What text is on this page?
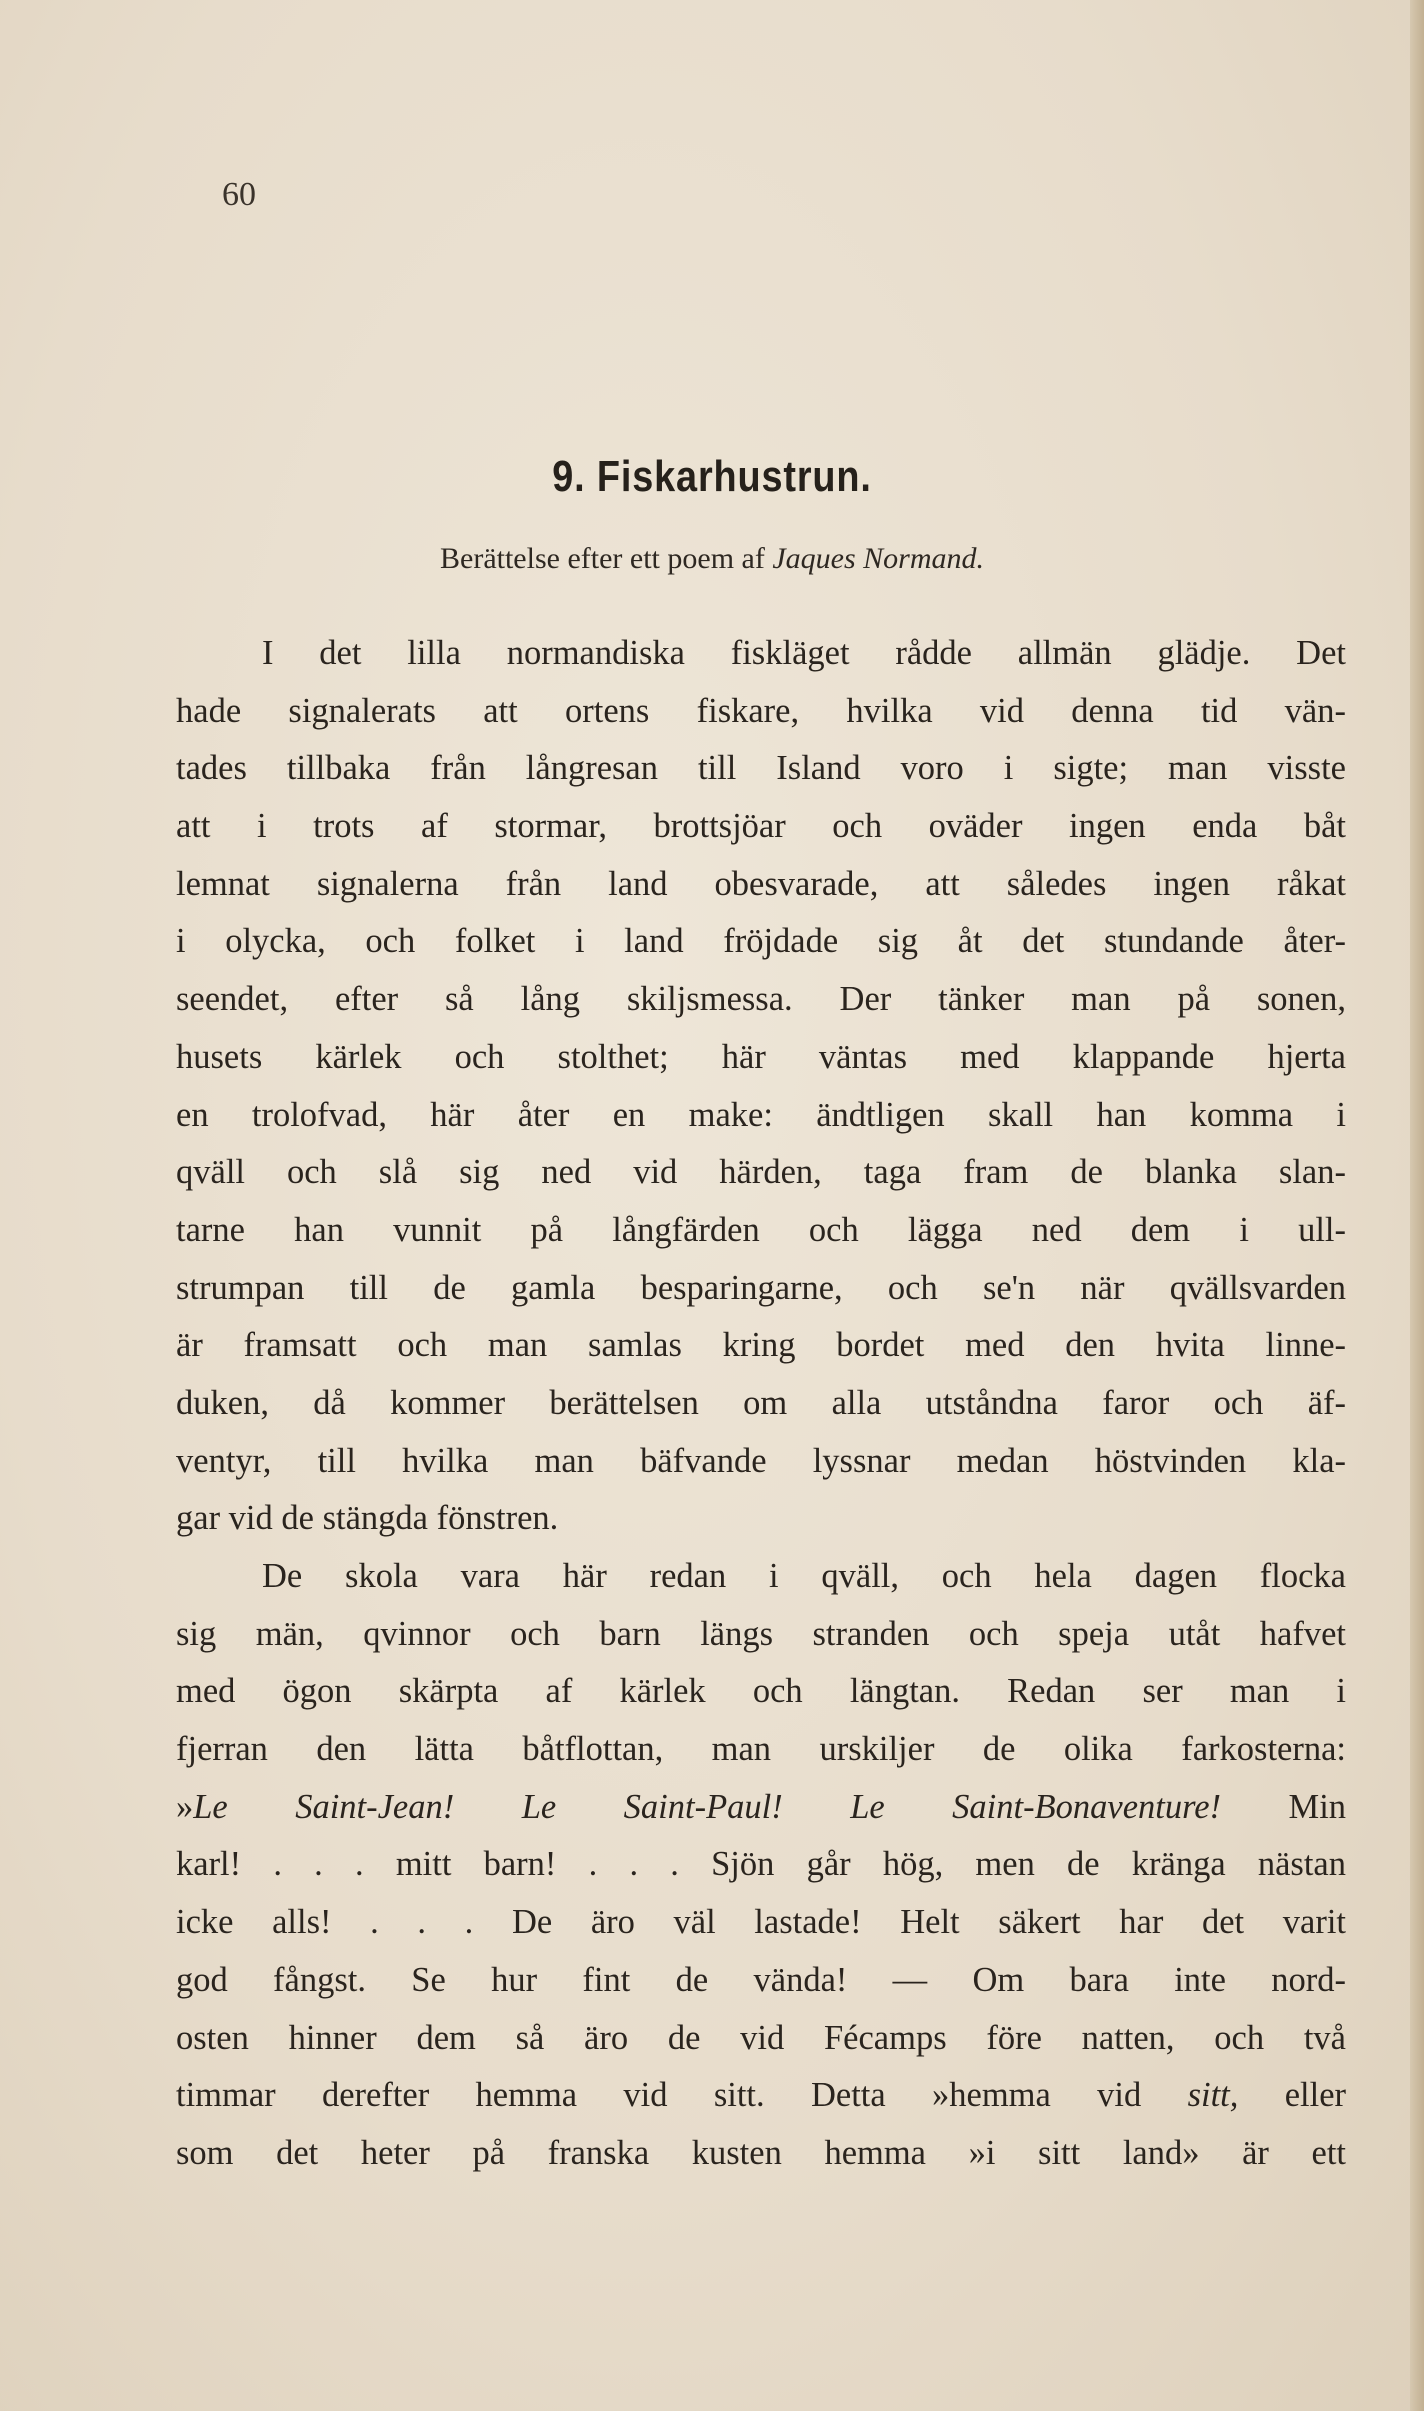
60
9. Fiskarhustrun.
Berättelse efter ett poem af Jaques Normand.
I det lilla normandiska fiskläget rådde allmän glädje. Det
hade signalerats att ortens fiskare, hvilka vid denna tid vän-
tades tillbaka från långresan till Island voro i sigte; man visste
att i trots af stormar, brottsjöar och oväder ingen enda båt
lemnat signalerna från land obesvarade, att således ingen råkat
i olycka, och folket i land fröjdade sig åt det stundande åter-
seendet, efter så lång skiljsmessa. Der tänker man på sonen,
husets kärlek och stolthet; här väntas med klappande hjerta
en trolofvad, här åter en make: ändtligen skall han komma i
qväll och slå sig ned vid härden, taga fram de blanka slan-
tarne han vunnit på långfärden och lägga ned dem i ull-
strumpan till de gamla besparingarne, och se'n när qvällsvarden
är framsatt och man samlas kring bordet med den hvita linne-
duken, då kommer berättelsen om alla utståndna faror och äf-
ventyr, till hvilka man bäfvande lyssnar medan höstvinden kla-
gar vid de stängda fönstren.
De skola vara här redan i qväll, och hela dagen flocka
sig män, qvinnor och barn längs stranden och speja utåt hafvet
med ögon skärpta af kärlek och längtan. Redan ser man i
fjerran den lätta båtflottan, man urskiljer de olika farkosterna:
»Le Saint-Jean! Le Saint-Paul! Le Saint-Bonaventure! Min
karl! . . . mitt barn! . . . Sjön går hög, men de kränga nästan
icke alls! . . . De äro väl lastade! Helt säkert har det varit
god fångst. Se hur fint de vända! — Om bara inte nord-
osten hinner dem så äro de vid Fécamps före natten, och två
timmar derefter hemma vid sitt. Detta »hemma vid sitt, eller
som det heter på franska kusten hemma »i sitt land» är ett
